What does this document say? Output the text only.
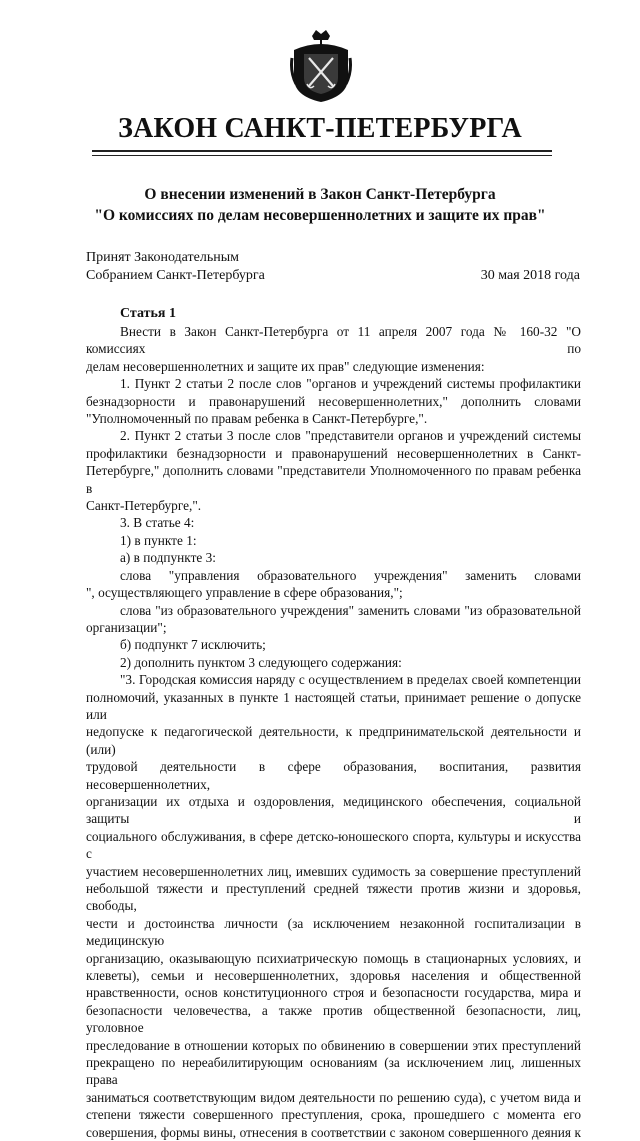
ЗАКОН САНКТ-ПЕТЕРБУРГА
О внесении изменений в Закон Санкт-Петербурга
"О комиссиях по делам несовершеннолетних и защите их прав"
Принят Законодательным
Собранием Санкт-Петербурга	30 мая 2018 года
Статья 1

Внести в Закон Санкт-Петербурга от 11 апреля 2007 года № 160-32 "О комиссиях по

делам несовершеннолетних и защите их прав" следующие изменения:

1. Пункт 2 статьи 2 после слов "органов и учреждений системы профилактики

безнадзорности и правонарушений несовершеннолетних," дополнить словами

"Уполномоченный по правам ребенка в Санкт-Петербурге,".

2. Пункт 2 статьи 3 после слов "представители органов и учреждений системы

профилактики безнадзорности и правонарушений несовершеннолетних в Санкт-

Петербурге," дополнить словами "представители Уполномоченного по правам ребенка в

Санкт-Петербурге,".

3. В статье 4:

1) в пункте 1:

а) в подпункте 3:

слова "управления образовательного учреждения" заменить словами

", осуществляющего управление в сфере образования,";

слова "из образовательного учреждения" заменить словами "из образовательной

организации";

б) подпункт 7 исключить;

2) дополнить пунктом 3 следующего содержания:

"3. Городская комиссия наряду с осуществлением в пределах своей компетенции

полномочий, указанных в пункте 1 настоящей статьи, принимает решение о допуске или

недопуске к педагогической деятельности, к предпринимательской деятельности и (или)

трудовой деятельности в сфере образования, воспитания, развития несовершеннолетних,

организации их отдыха и оздоровления, медицинского обеспечения, социальной защиты и

социального обслуживания, в сфере детско-юношеского спорта, культуры и искусства с

участием несовершеннолетних лиц, имевших судимость за совершение преступлений

небольшой тяжести и преступлений средней тяжести против жизни и здоровья, свободы,

чести и достоинства личности (за исключением незаконной госпитализации в медицинскую

организацию, оказывающую психиатрическую помощь в стационарных условиях, и

клеветы), семьи и несовершеннолетних, здоровья населения и общественной

нравственности, основ конституционного строя и безопасности государства, мира и

безопасности человечества, а также против общественной безопасности, лиц, уголовное

преследование в отношении которых по обвинению в совершении этих преступлений

прекращено по нереабилитирующим основаниям (за исключением лиц, лишенных права

заниматься соответствующим видом деятельности по решению суда), с учетом вида и

степени тяжести совершенного преступления, срока, прошедшего с момента его

совершения, формы вины, отнесения в соответствии с законом совершенного деяния к
